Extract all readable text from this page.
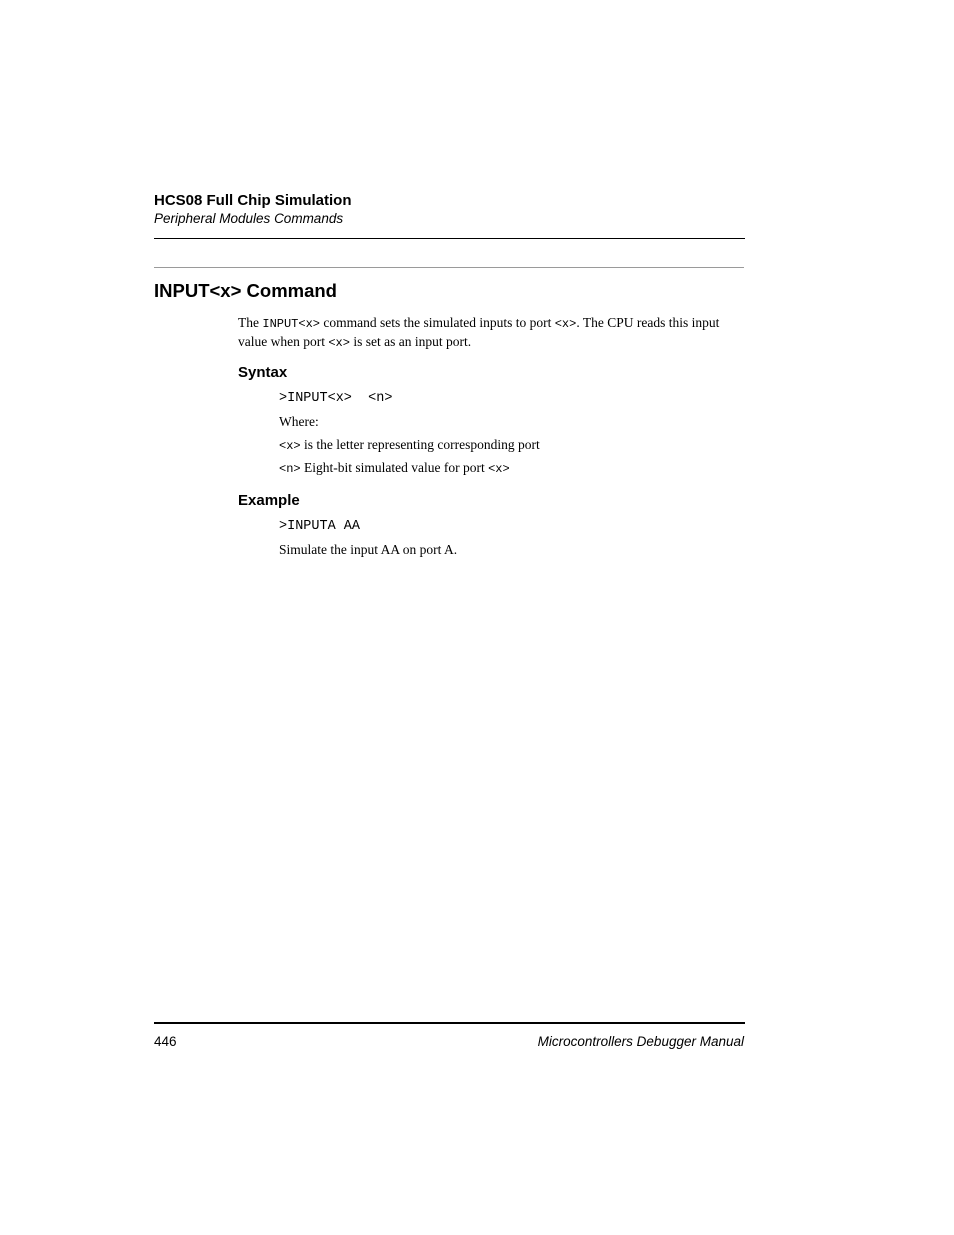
HCS08 Full Chip Simulation
Peripheral Modules Commands
INPUT<x> Command
The INPUT<x> command sets the simulated inputs to port <x>. The CPU reads this input value when port <x> is set as an input port.
Syntax
>INPUT<x>  <n>
Where:
<x> is the letter representing corresponding port
<n> Eight-bit simulated value for port <x>
Example
>INPUTA AA
Simulate the input AA on port A.
446	Microcontrollers Debugger Manual
